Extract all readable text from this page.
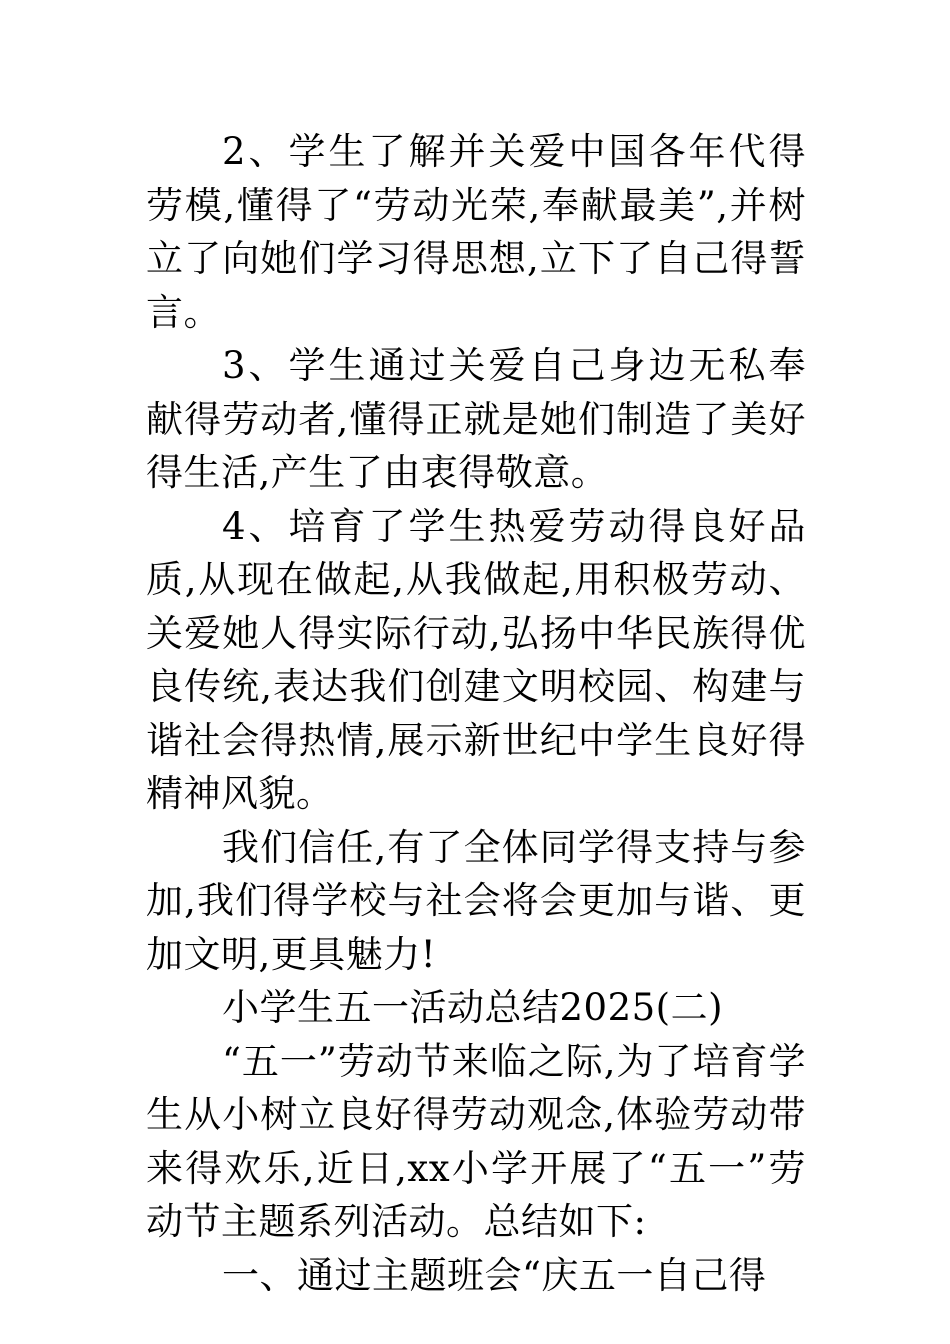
2、学生了解并关爱中国各年代得劳模,懂得了“劳动光荣,奉献最美”,并树立了向她们学习得思想,立下了自己得誓言。

3、学生通过关爱自己身边无私奉献得劳动者,懂得正就是她们制造了美好得生活,产生了由衷得敬意。

4、培育了学生热爱劳动得良好品质,从现在做起,从我做起,用积极劳动、关爱她人得实际行动,弘扬中华民族得优良传统,表达我们创建文明校园、构建与谐社会得热情,展示新世纪中学生良好得精神风貌。

我们信任,有了全体同学得支持与参加,我们得学校与社会将会更加与谐、更加文明,更具魅力!

小学生五一活动总结2025(二)

“五一”劳动节来临之际,为了培育学生从小树立良好得劳动观念,体验劳动带来得欢乐,近日,xx小学开展了“五一”劳动节主题系列活动。总结如下:

一、通过主题班会“庆五一自己得
